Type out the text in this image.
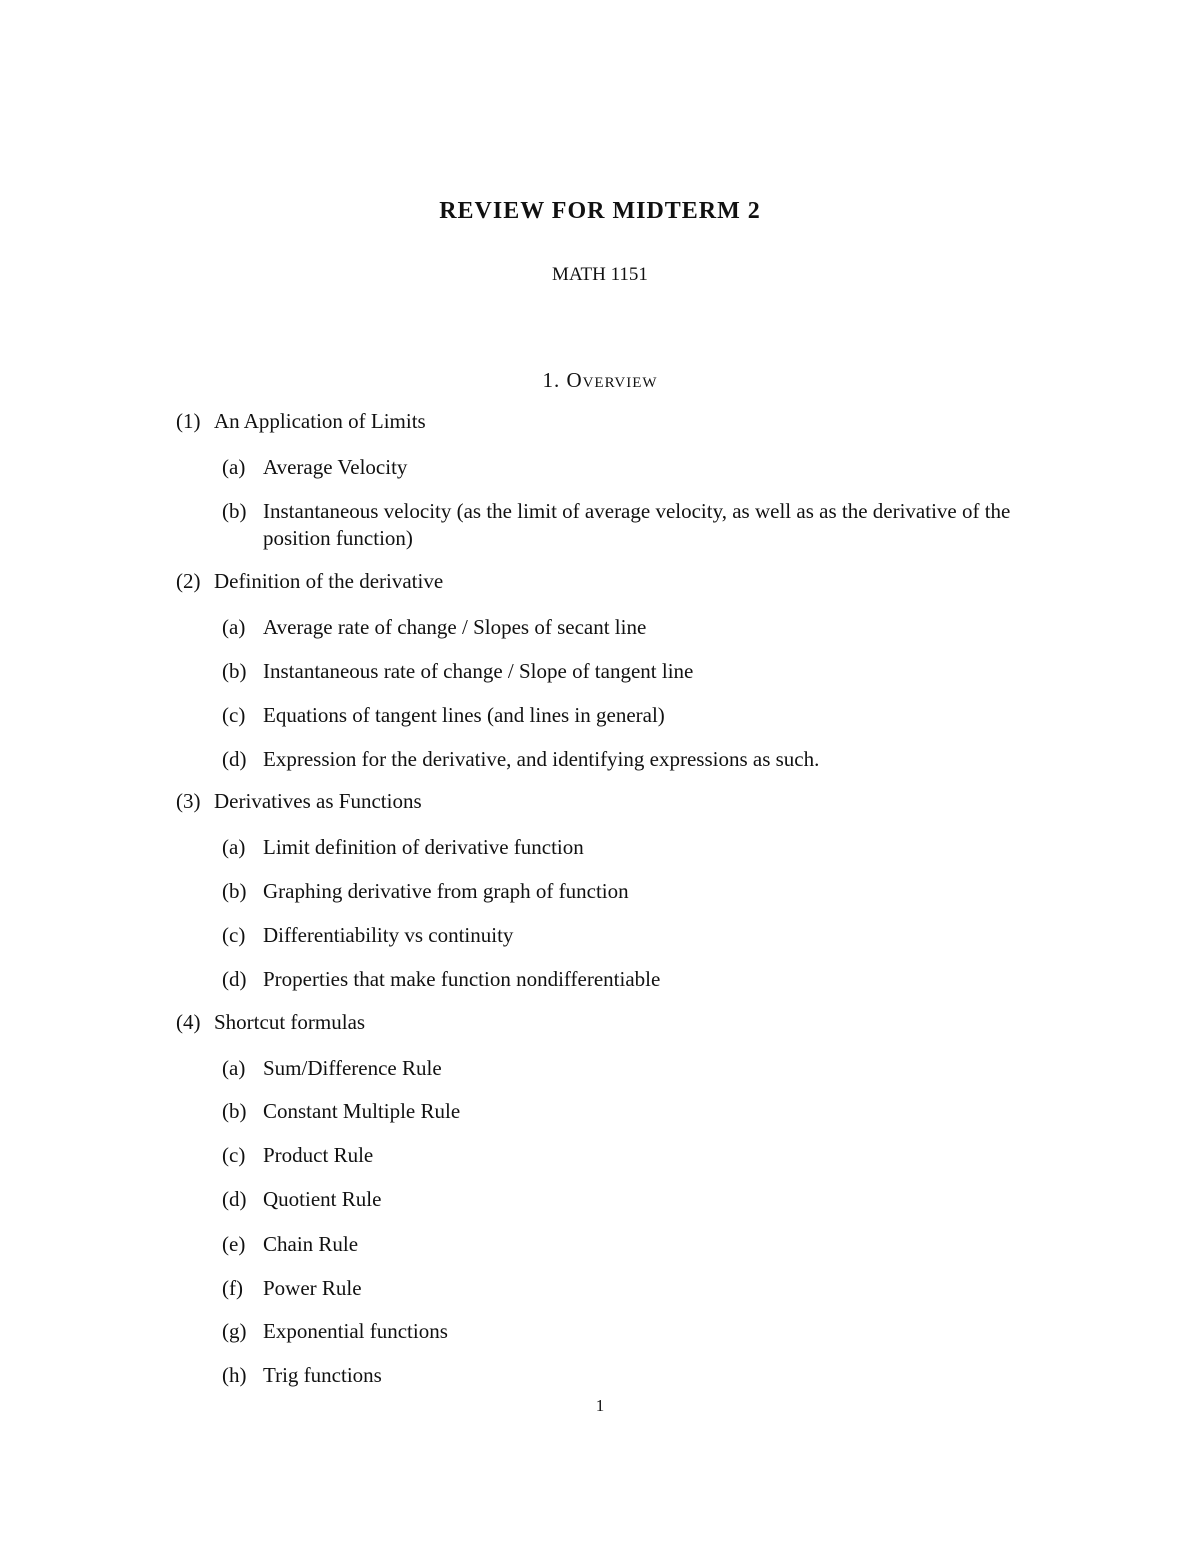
REVIEW FOR MIDTERM 2
MATH 1151
1. Overview
(1) An Application of Limits
(a) Average Velocity
(b) Instantaneous velocity (as the limit of average velocity, as well as as the derivative of the position function)
(2) Definition of the derivative
(a) Average rate of change / Slopes of secant line
(b) Instantaneous rate of change / Slope of tangent line
(c) Equations of tangent lines (and lines in general)
(d) Expression for the derivative, and identifying expressions as such.
(3) Derivatives as Functions
(a) Limit definition of derivative function
(b) Graphing derivative from graph of function
(c) Differentiability vs continuity
(d) Properties that make function nondifferentiable
(4) Shortcut formulas
(a) Sum/Difference Rule
(b) Constant Multiple Rule
(c) Product Rule
(d) Quotient Rule
(e) Chain Rule
(f) Power Rule
(g) Exponential functions
(h) Trig functions
1
